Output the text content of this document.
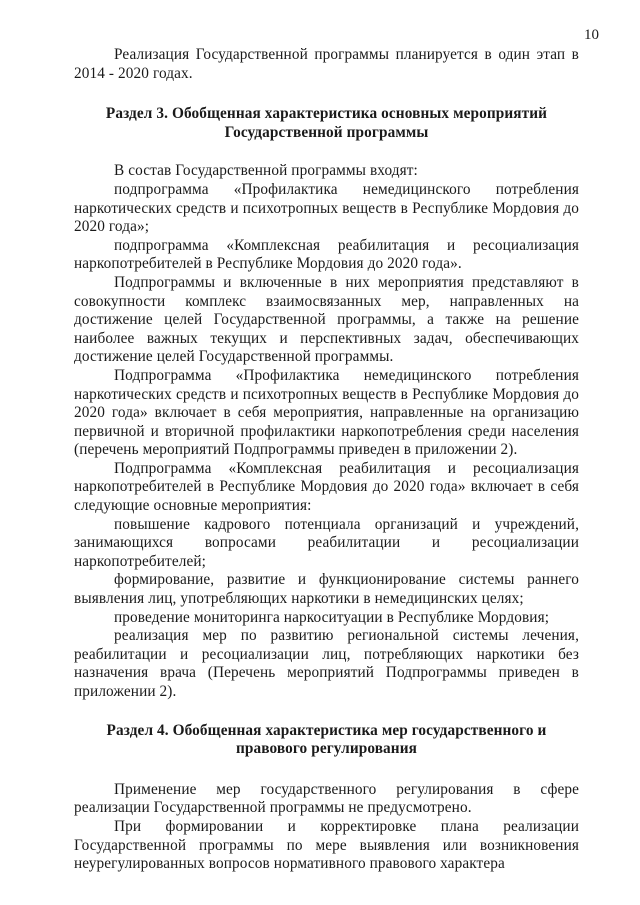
10

Реализация Государственной программы планируется в один этап в 2014 - 2020 годах.

Раздел 3. Обобщенная характеристика основных мероприятий
Государственной программы

В состав Государственной программы входят:

подпрограмма «Профилактика немедицинского потребления наркотических средств и психотропных веществ в Республике Мордовия до 2020 года»;

подпрограмма «Комплексная реабилитация и ресоциализация наркопотребителей в Республике Мордовия до 2020 года».

Подпрограммы и включенные в них мероприятия представляют в совокупности комплекс взаимосвязанных мер, направленных на достижение целей Государственной программы, а также на решение наиболее важных текущих и перспективных задач, обеспечивающих достижение целей Государственной программы.

Подпрограмма «Профилактика немедицинского потребления наркотических средств и психотропных веществ в Республике Мордовия до 2020 года» включает в себя мероприятия, направленные на организацию первичной и вторичной профилактики наркопотребления среди населения (перечень мероприятий Подпрограммы приведен в приложении 2).

Подпрограмма «Комплексная реабилитация и ресоциализация наркопотребителей в Республике Мордовия до 2020 года» включает в себя следующие основные мероприятия:

повышение кадрового потенциала организаций и учреждений, занимающихся вопросами реабилитации и ресоциализации наркопотребителей;

формирование, развитие и функционирование системы раннего выявления лиц, употребляющих наркотики в немедицинских целях;

проведение мониторинга наркоситуации в Республике Мордовия;

реализация мер по развитию региональной системы лечения, реабилитации и ресоциализации лиц, потребляющих наркотики без назначения врача (Перечень мероприятий Подпрограммы приведен в приложении 2).

Раздел 4. Обобщенная характеристика мер государственного и
правового регулирования

Применение мер государственного регулирования в сфере реализации Государственной программы не предусмотрено.

При формировании и корректировке плана реализации Государственной программы по мере выявления или возникновения неурегулированных вопросов нормативного правового характера
